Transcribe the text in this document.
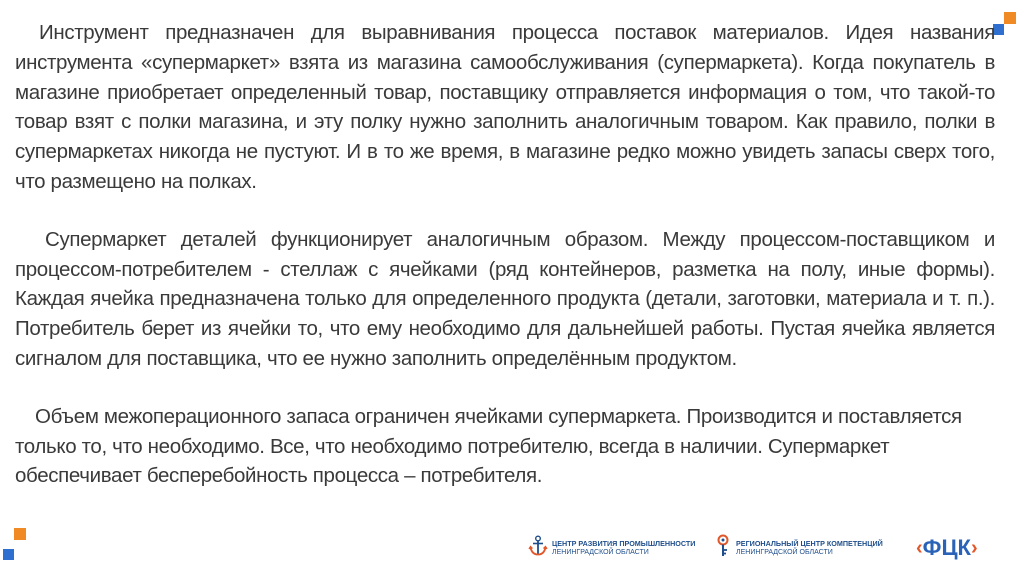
Инструмент предназначен для выравнивания процесса поставок материалов. Идея названия инструмента «супермаркет» взята из магазина самообслуживания (супермаркета). Когда покупатель в магазине приобретает определенный товар, поставщику отправляется информация о том, что такой-то товар взят с полки магазина, и эту полку нужно заполнить аналогичным товаром. Как правило, полки в супермаркетах никогда не пустуют. И в то же время, в магазине редко можно увидеть запасы сверх того, что размещено на полках.

Супермаркет деталей функционирует аналогичным образом. Между процессом-поставщиком и процессом-потребителем - стеллаж с ячейками (ряд контейнеров, разметка на полу, иные формы). Каждая ячейка предназначена только для определенного продукта (детали, заготовки, материала и т. п.). Потребитель берет из ячейки то, что ему необходимо для дальнейшей работы. Пустая ячейка является сигналом для поставщика, что ее нужно заполнить определённым продуктом.

Объем межоперационного запаса ограничен ячейками супермаркета. Производится и поставляется только то, что необходимо. Все, что необходимо потребителю, всегда в наличии. Супермаркет обеспечивает бесперебойность процесса – потребителя.

ЦЕНТР РАЗВИТИЯ ПРОМЫШЛЕННОСТИ
ЛЕНИНГРАДСКОЙ ОБЛАСТИ
РЕГИОНАЛЬНЫЙ ЦЕНТР КОМПЕТЕНЦИЙ
ЛЕНИНГРАДСКОЙ ОБЛАСТИ	‹ ФЦК ›
